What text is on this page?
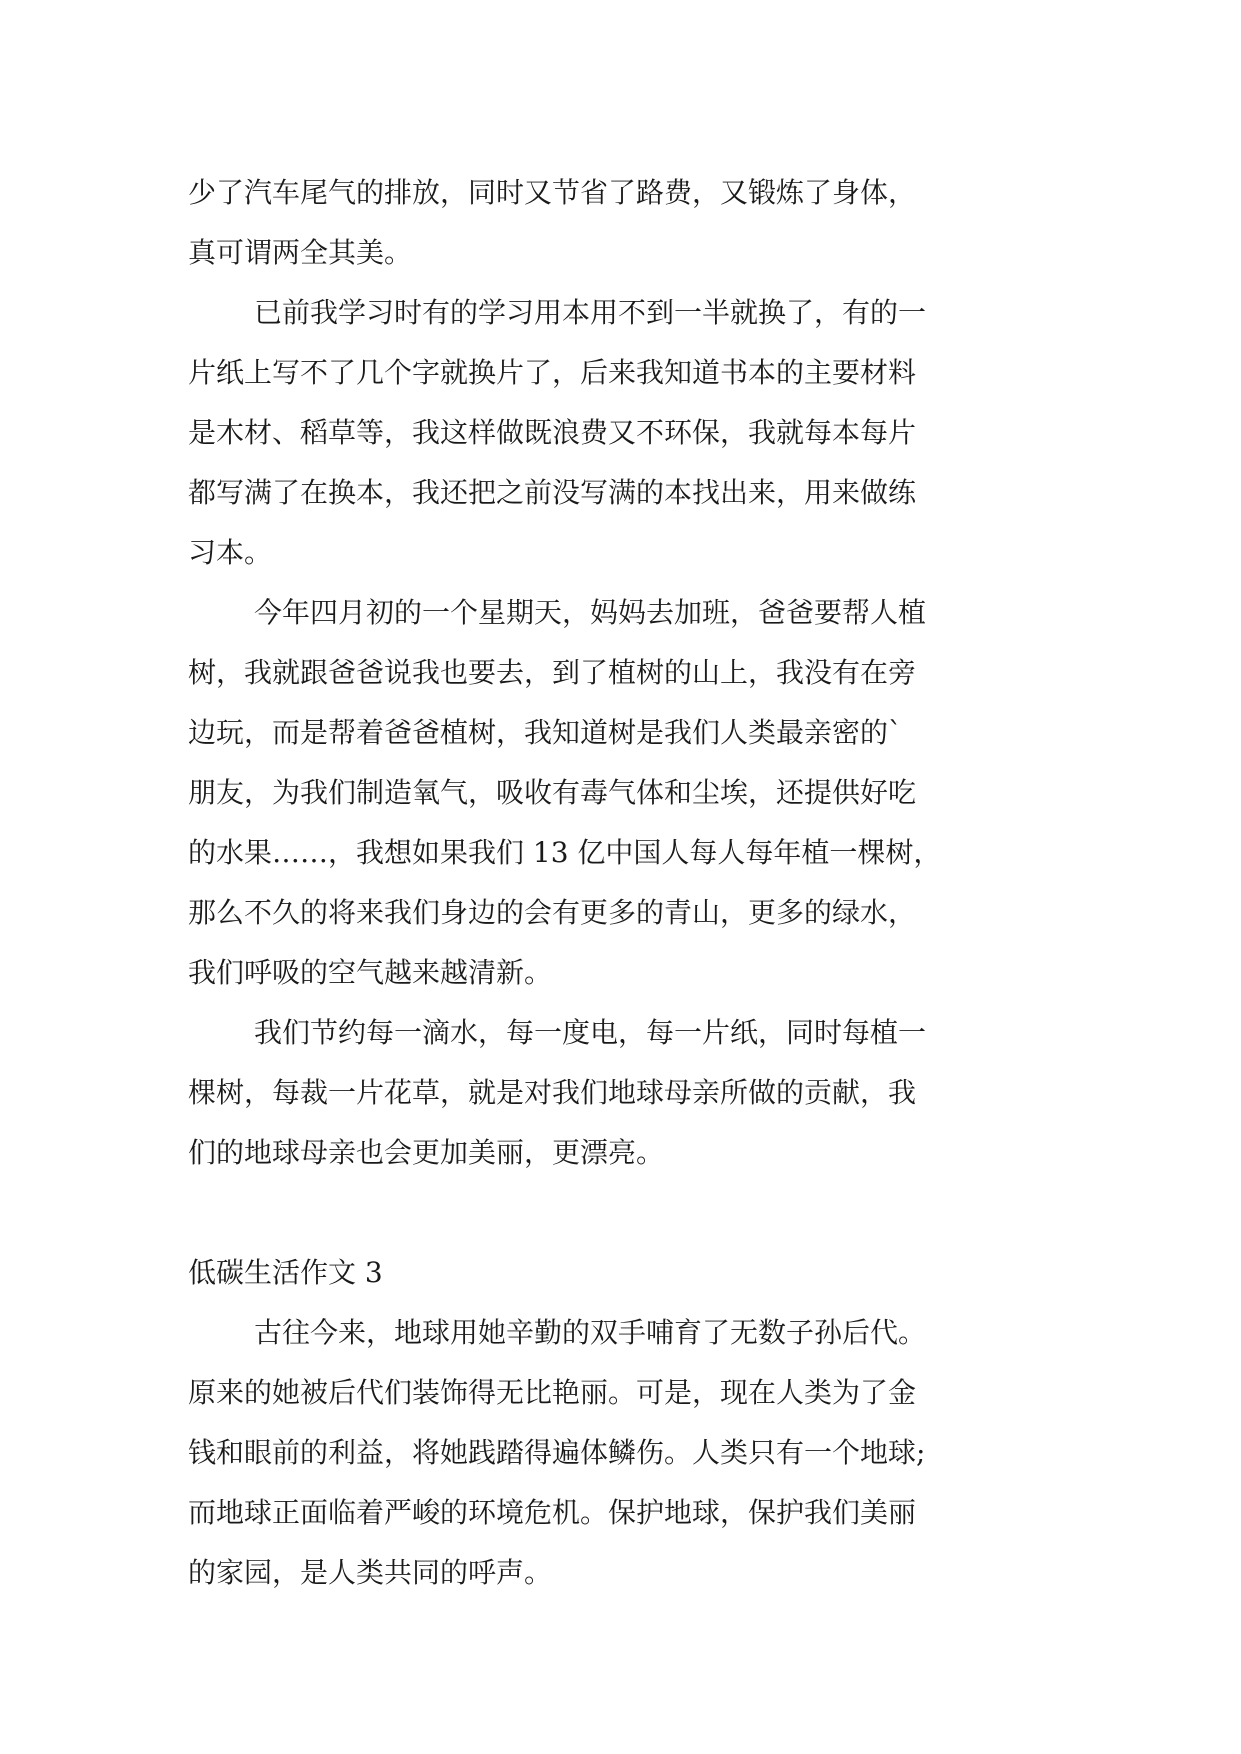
少了汽车尾气的排放，同时又节省了路费，又锻炼了身体，
真可谓两全其美。
已前我学习时有的学习用本用不到一半就换了，有的一
片纸上写不了几个字就换片了，后来我知道书本的主要材料
是木材、稻草等，我这样做既浪费又不环保，我就每本每片
都写满了在换本，我还把之前没写满的本找出来，用来做练
习本。
今年四月初的一个星期天，妈妈去加班，爸爸要帮人植
树，我就跟爸爸说我也要去，到了植树的山上，我没有在旁
边玩，而是帮着爸爸植树，我知道树是我们人类最亲密的`
朋友，为我们制造氧气，吸收有毒气体和尘埃，还提供好吃
的水果……，我想如果我们 13 亿中国人每人每年植一棵树，
那么不久的将来我们身边的会有更多的青山，更多的绿水，
我们呼吸的空气越来越清新。
我们节约每一滴水，每一度电，每一片纸，同时每植一
棵树，每裁一片花草，就是对我们地球母亲所做的贡献，我
们的地球母亲也会更加美丽，更漂亮。
低碳生活作文 3
古往今来，地球用她辛勤的双手哺育了无数子孙后代。
原来的她被后代们装饰得无比艳丽。可是，现在人类为了金
钱和眼前的利益，将她践踏得遍体鳞伤。人类只有一个地球;
而地球正面临着严峻的环境危机。保护地球，保护我们美丽
的家园，是人类共同的呼声。
